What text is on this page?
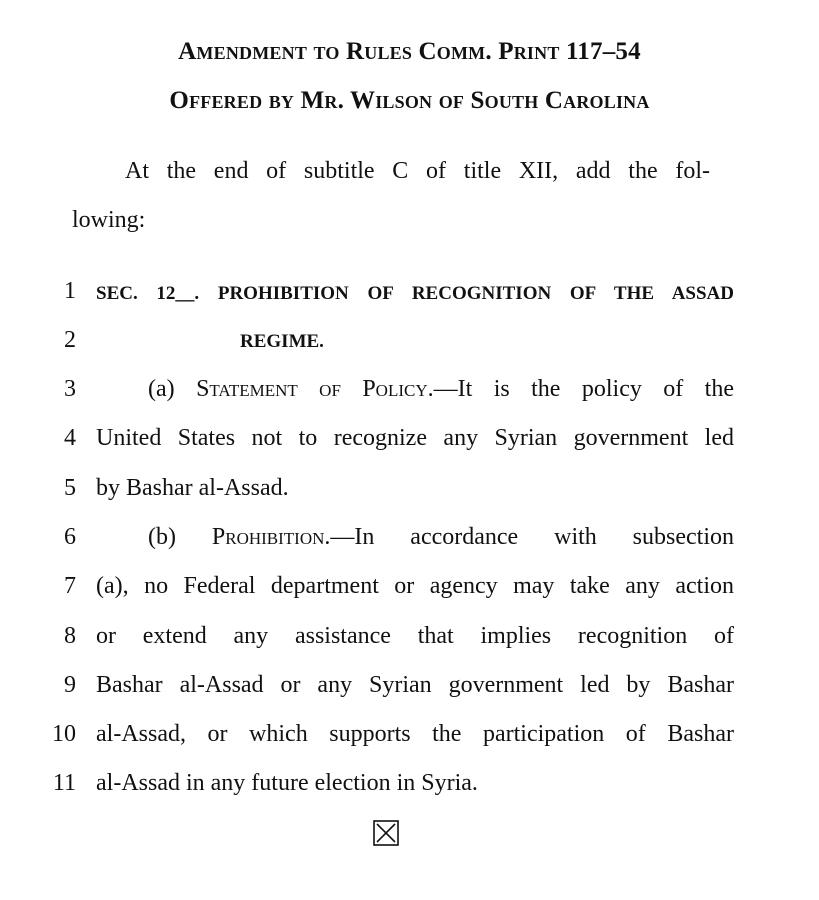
Amendment to Rules Comm. Print 117–54
Offered by Mr. Wilson of South Carolina
At the end of subtitle C of title XII, add the fol-
lowing:
1
2
3
4
5
6
7
8
9
10
11
SEC. 12__. PROHIBITION OF RECOGNITION OF THE ASSAD
REGIME.
(a) Statement of Policy.—It is the policy of the
United States not to recognize any Syrian government led
by Bashar al-Assad.
(b) Prohibition.—In accordance with subsection
(a), no Federal department or agency may take any action
or extend any assistance that implies recognition of
Bashar al-Assad or any Syrian government led by Bashar
al-Assad, or which supports the participation of Bashar
al-Assad in any future election in Syria.
